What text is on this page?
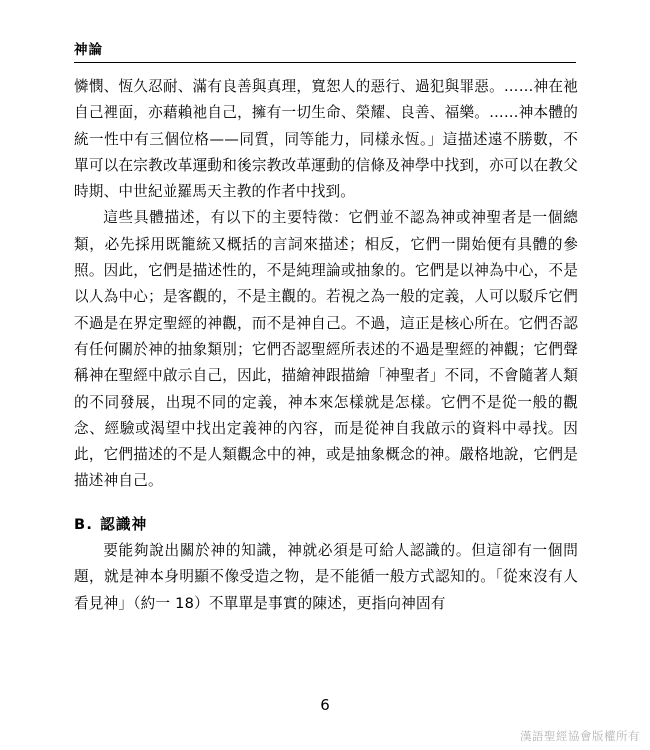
神論

憐憫、恆久忍耐、滿有良善與真理，寬恕人的惡行、過犯與罪惡。……神在祂自己裡面，亦藉賴祂自己，擁有一切生命、榮耀、良善、福樂。……神本體的統一性中有三個位格——同質，同等能力，同樣永恆。」這描述遠不勝數，不單可以在宗教改革運動和後宗教改革運動的信條及神學中找到，亦可以在教父時期、中世紀並羅馬天主教的作者中找到。

這些具體描述，有以下的主要特徵：它們並不認為神或神聖者是一個總類，必先採用既籠統又概括的言詞來描述；相反，它們一開始便有具體的參照。因此，它們是描述性的，不是純理論或抽象的。它們是以神為中心，不是以人為中心；是客觀的，不是主觀的。若視之為一般的定義，人可以駁斥它們不過是在界定聖經的神觀，而不是神自己。不過，這正是核心所在。它們否認有任何關於神的抽象類別；它們否認聖經所表述的不過是聖經的神觀；它們聲稱神在聖經中啟示自己，因此，描繪神跟描繪「神聖者」不同，不會隨著人類的不同發展，出現不同的定義，神本來怎樣就是怎樣。它們不是從一般的觀念、經驗或渴望中找出定義神的內容，而是從神自我啟示的資料中尋找。因此，它們描述的不是人類觀念中的神，或是抽象概念的神。嚴格地說，它們是描述神自己。

B. 認識神

要能夠說出關於神的知識，神就必須是可給人認識的。但這卻有一個問題，就是神本身明顯不像受造之物，是不能循一般方式認知的。「從來沒有人看見神」（約一 18）不單單是事實的陳述，更指向神固有

6
漢語聖經協會版權所有
